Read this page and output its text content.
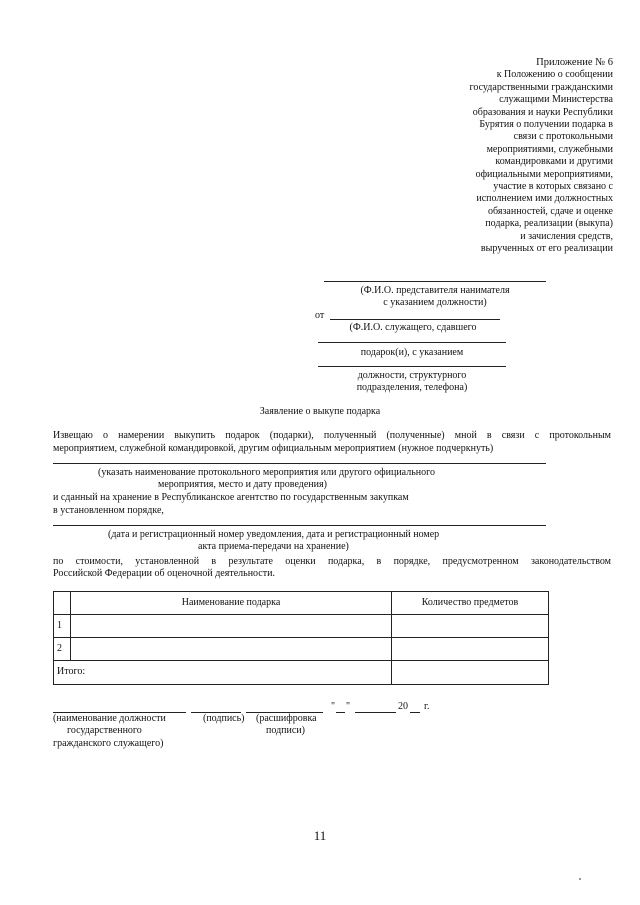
Приложение № 6
к Положению о сообщении
государственными гражданскими
служащими Министерства
образования и науки Республики
Бурятия о получении подарка в
связи с протокольными
мероприятиями, служебными
командировками и другими
официальными мероприятиями,
участие в которых связано с
исполнением ими должностных
обязанностей, сдаче и оценке
подарка, реализации (выкупа)
и зачисления средств,
вырученных от его реализации
(Ф.И.О. представителя нанимателя
с указанием должности)
от
(Ф.И.О. служащего, сдавшего
подарок(и), с указанием
должности, структурного
подразделения, телефона)
Заявление о выкупе подарка
Извещаю о намерении выкупить подарок (подарки), полученный (полученные) мной в связи с протокольным
мероприятием, служебной командировкой, другим официальным мероприятием (нужное подчеркнуть)
(указать наименование протокольного мероприятия или другого официального
мероприятия, место и дату проведения)
и сданный на хранение в Республиканское агентство по государственным закупкам
в установленном порядке,
(дата и регистрационный номер уведомления, дата и регистрационный номер
акта приема-передачи на хранение)
по стоимости, установленной в результате оценки подарка, в порядке, предусмотренном законодательством
Российской Федерации об оценочной деятельности.
	Наименование подарка	Количество предметов
1		
2		
Итого:		
" "	20 г.
(наименование должности
государственного
гражданского служащего)
(подпись) (расшифровка
подписи)
11
